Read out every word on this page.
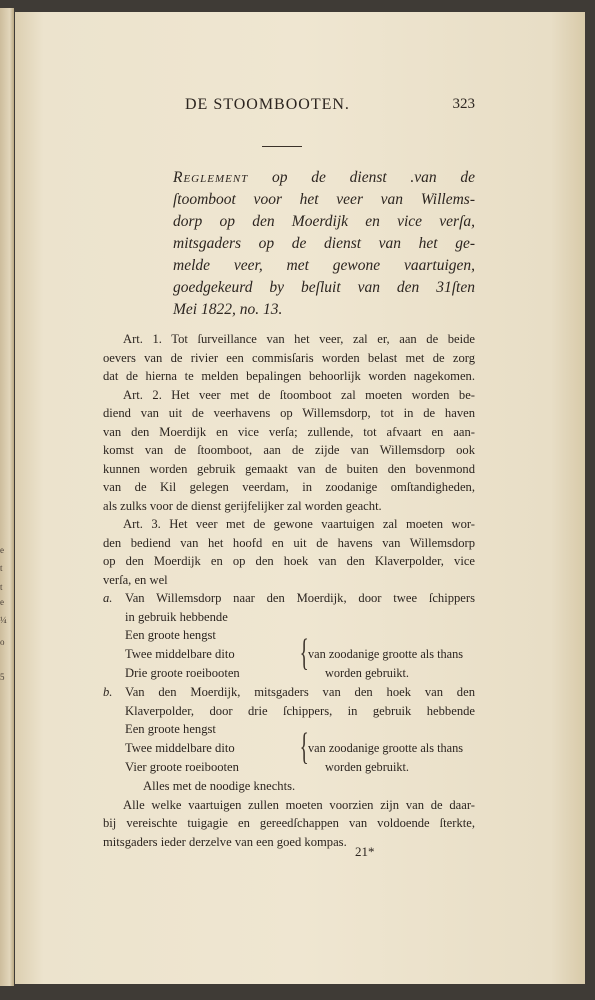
e
t
t
e
¼
o
5
DE STOOMBOOTEN.	323
Reglement op de dienst .van de
ſtoomboot voor het veer van Willems-
dorp op den Moerdijk en vice verſa,
mitsgaders op de dienst van het ge-
melde veer, met gewone vaartuigen,
goedgekeurd by beſluit van den 31ſten
Mei 1822, no. 13.
Art. 1. Tot ſurveillance van het veer, zal er, aan de beide
oevers van de rivier een commisſaris worden belast met de zorg
dat de hierna te melden bepalingen behoorlijk worden nagekomen.
Art. 2. Het veer met de ſtoomboot zal moeten worden be-
diend van uit de veerhavens op Willemsdorp, tot in de haven
van den Moerdijk en vice verſa; zullende, tot afvaart en aan-
komst van de ſtoomboot, aan de zijde van Willemsdorp ook
kunnen worden gebruik gemaakt van de buiten den bovenmond
van de Kil gelegen veerdam, in zoodanige omſtandigheden,
als zulks voor de dienst gerijfelijker zal worden geacht.
Art. 3. Het veer met de gewone vaartuigen zal moeten wor-
den bediend van het hoofd en uit de havens van Willemsdorp
op den Moerdijk en op den hoek van den Klaverpolder, vice
verſa, en wel
a. Van Willemsdorp naar den Moerdijk, door twee ſchippers
in gebruik hebbende
Een groote hengst
Twee middelbare dito
Drie groote roeibooten { van zoodanige grootte als thans
worden gebruikt.
b. Van den Moerdijk, mitsgaders van den hoek van den
Klaverpolder, door drie ſchippers, in gebruik hebbende
Een groote hengst
Twee middelbare dito
Vier groote roeibooten { van zoodanige grootte als thans
worden gebruikt.
Alles met de noodige knechts.
Alle welke vaartuigen zullen moeten voorzien zijn van de daar-
bij vereischte tuigagie en gereedſchappen van voldoende ſterkte,
mitsgaders ieder derzelve van een goed kompas.
21*
